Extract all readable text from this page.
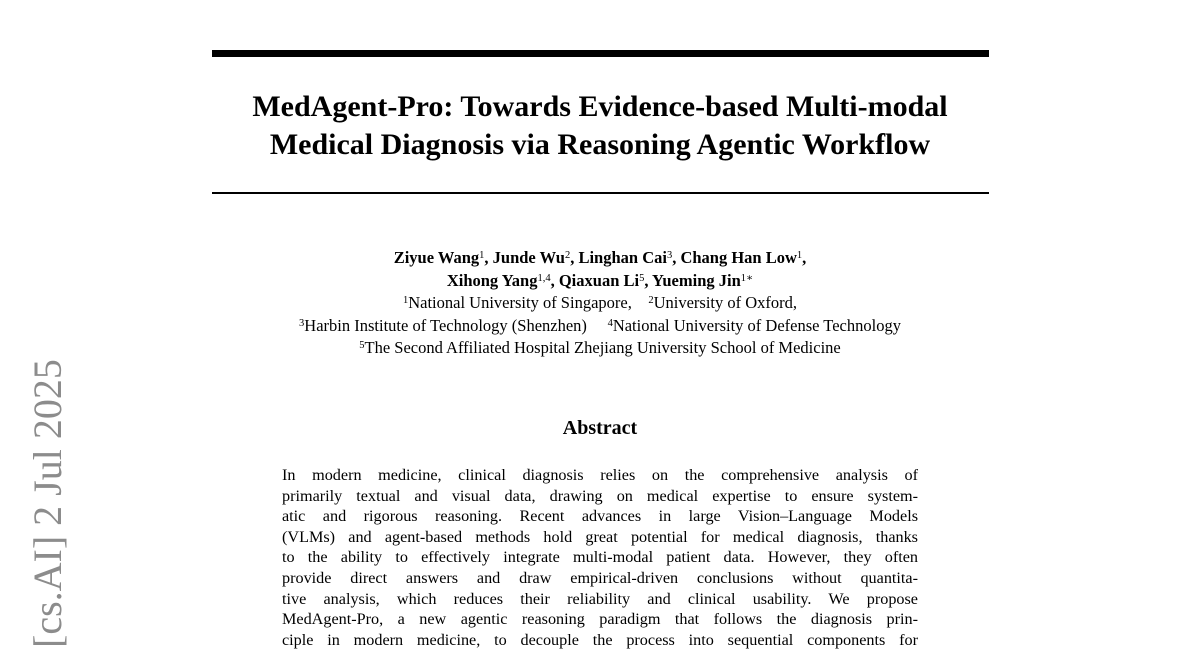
MedAgent-Pro: Towards Evidence-based Multi-modal
Medical Diagnosis via Reasoning Agentic Workflow
Ziyue Wang$^1$, Junde Wu$^2$, Linghan Cai$^3$, Chang Han Low$^1$,
Xihong Yang$^{1,4}$, Qiaxuan Li$^5$, Yueming Jin$^{1∗}$
$^1$National University of Singapore, $^2$University of Oxford,
$^3$Harbin Institute of Technology (Shenzhen) $^4$National University of Defense Technology
$^5$The Second Affiliated Hospital Zhejiang University School of Medicine
Abstract
In modern medicine, clinical diagnosis relies on the comprehensive analysis of
primarily textual and visual data, drawing on medical expertise to ensure system-
atic and rigorous reasoning. Recent advances in large Vision–Language Models
(VLMs) and agent-based methods hold great potential for medical diagnosis, thanks
to the ability to effectively integrate multi-modal patient data. However, they often
provide direct answers and draw empirical-driven conclusions without quantita-
tive analysis, which reduces their reliability and clinical usability. We propose
MedAgent-Pro, a new agentic reasoning paradigm that follows the diagnosis prin-
ciple in modern medicine, to decouple the process into sequential components for
[cs.AI] 2 Jul 2025
